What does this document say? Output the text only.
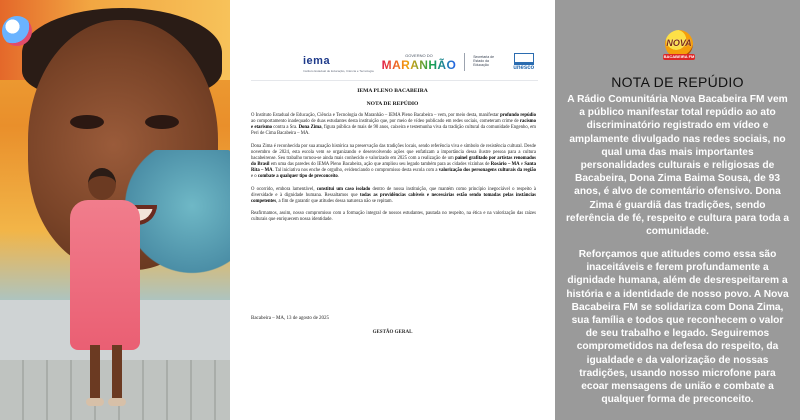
iema
Instituto Estadual de Educação, Ciência e Tecnologia
GOVERNO DO
MARANHÃO
Secretaria de Estado da Educação
unesco
IEMA PLENO BACABEIRA
NOTA DE REPÚDIO

O Instituto Estadual de Educação, Ciência e Tecnologia do Maranhão – IEMA Pleno Bacabeira – vem, por meio desta, manifestar profundo repúdio ao comportamento inadequado de duas estudantes desta instituição que, por meio de vídeo publicado em redes sociais, cometeram crime de racismo e etarismo contra a Sra. Dona Zima, figura pública de mais de 90 anos, caixeira e testemunha viva da tradição cultural da comunidade Engenho, em Peri de Cima Bacabeira – MA.

Dona Zima é reconhecida por sua atuação histórica na preservação das tradições locais, sendo referência viva e símbolo de resistência cultural. Desde novembro de 2024, esta escola vem se organizando e desenvolvendo ações que enfatizam a importância dessa ilustre pessoa para a cultura bacabeirense. Seu trabalho tornou-se ainda mais conhecido e valorizado em 2025 com a realização de um painel grafitado por artistas renomados do Brasil em uma das paredes do IEMA Pleno Bacabeira, ação que ampliou seu legado também para as cidades vizinhas de Rosário – MA e Santa Rita – MA. Tal iniciativa nos enche de orgulho, evidenciando o compromisso desta escola com a valorização dos personagens culturais da região e o combate a qualquer tipo de preconceito.

O ocorrido, embora lamentável, constitui um caso isolado dentro de nossa instituição, que mantém como princípio inegociável o respeito à diversidade e à dignidade humana. Ressaltamos que todas as providências cabíveis e necessárias estão sendo tomadas pelas instâncias competentes, a fim de garantir que atitudes dessa natureza não se repitam.

Reafirmamos, assim, nosso compromisso com a formação integral de nossos estudantes, pautada no respeito, na ética e na valorização das raízes culturais que enriquecem nossa identidade.

Bacabeira – MA, 13 de agosto de 2025
GESTÃO GERAL
NOVA
BACABEIRA FM
NOTA DE REPÚDIO
A Rádio Comunitária Nova Bacabeira FM vem a público manifestar total repúdio ao ato discriminatório registrado em vídeo e amplamente divulgado nas redes sociais, no qual uma das mais importantes personalidades culturais e religiosas de Bacabeira, Dona Zima Baima Sousa, de 93 anos, é alvo de comentário ofensivo. Dona Zima é guardiã das tradições, sendo referência de fé, respeito e cultura para toda a comunidade.
Reforçamos que atitudes como essa são inaceitáveis e ferem profundamente a dignidade humana, além de desrespeitarem a história e a identidade de nosso povo. A Nova Bacabeira FM se solidariza com Dona Zima, sua família e todos que reconhecem o valor de seu trabalho e legado. Seguiremos comprometidos na defesa do respeito, da igualdade e da valorização de nossas tradições, usando nosso microfone para ecoar mensagens de união e combate a qualquer forma de preconceito.
